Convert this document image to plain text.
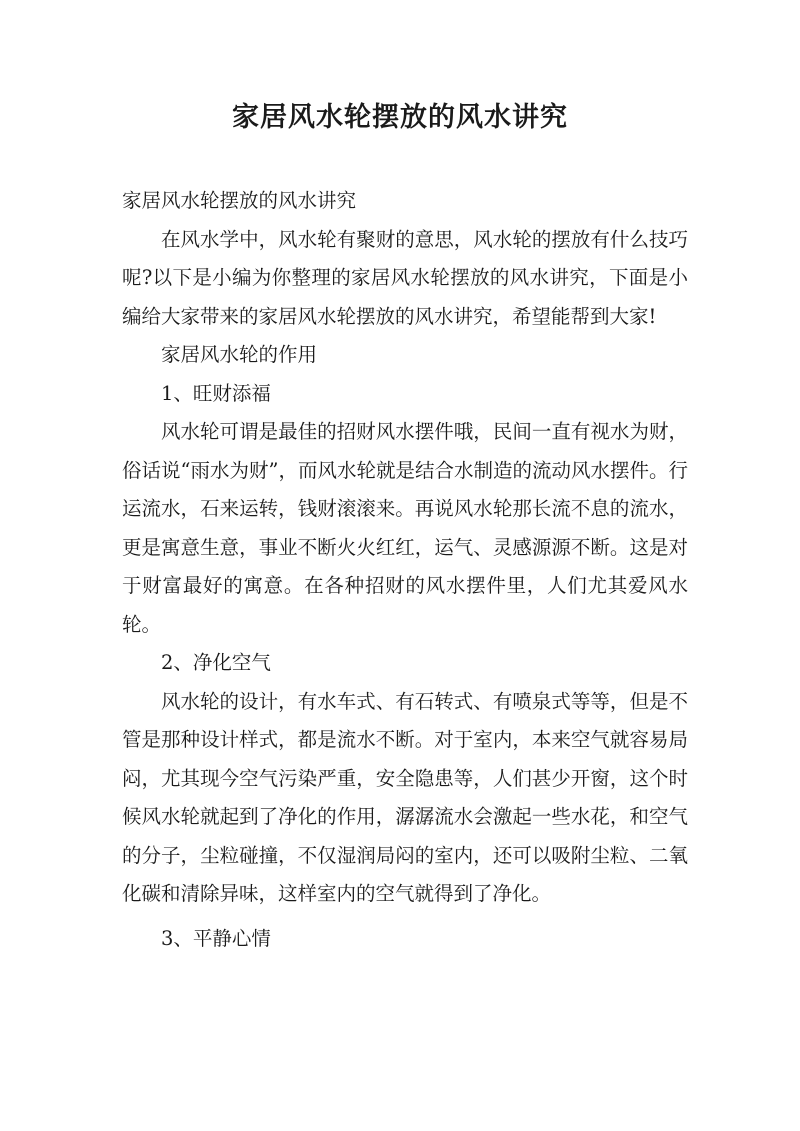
家居风水轮摆放的风水讲究

家居风水轮摆放的风水讲究

在风水学中，风水轮有聚财的意思，风水轮的摆放有什么技巧呢?以下是小编为你整理的家居风水轮摆放的风水讲究，下面是小编给大家带来的家居风水轮摆放的风水讲究，希望能帮到大家!

家居风水轮的作用

1、旺财添福

风水轮可谓是最佳的招财风水摆件哦，民间一直有视水为财，俗话说“雨水为财”，而风水轮就是结合水制造的流动风水摆件。行运流水，石来运转，钱财滚滚来。再说风水轮那长流不息的流水，更是寓意生意，事业不断火火红红，运气、灵感源源不断。这是对于财富最好的寓意。在各种招财的风水摆件里，人们尤其爱风水轮。

2、净化空气

风水轮的设计，有水车式、有石转式、有喷泉式等等，但是不管是那种设计样式，都是流水不断。对于室内，本来空气就容易局闷，尤其现今空气污染严重，安全隐患等，人们甚少开窗，这个时候风水轮就起到了净化的作用，潺潺流水会激起一些水花，和空气的分子，尘粒碰撞，不仅湿润局闷的室内，还可以吸附尘粒、二氧化碳和清除异味，这样室内的空气就得到了净化。

3、平静心情
